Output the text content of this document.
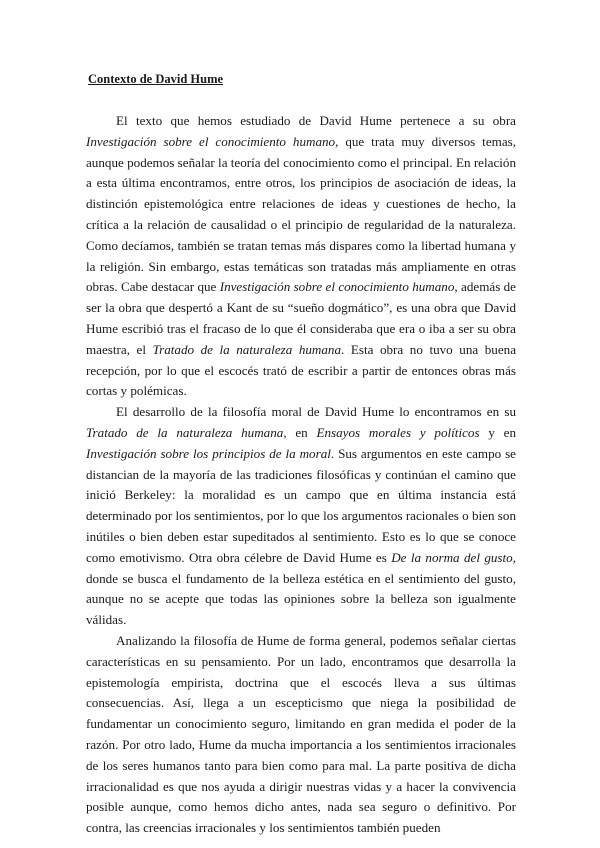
Contexto de David Hume

El texto que hemos estudiado de David Hume pertenece a su obra Investigación sobre el conocimiento humano, que trata muy diversos temas, aunque podemos señalar la teoría del conocimiento como el principal. En relación a esta última encontramos, entre otros, los principios de asociación de ideas, la distinción epistemológica entre relaciones de ideas y cuestiones de hecho, la crítica a la relación de causalidad o el principio de regularidad de la naturaleza. Como decíamos, también se tratan temas más dispares como la libertad humana y la religión. Sin embargo, estas temáticas son tratadas más ampliamente en otras obras. Cabe destacar que Investigación sobre el conocimiento humano, además de ser la obra que despertó a Kant de su “sueño dogmático”, es una obra que David Hume escribió tras el fracaso de lo que él consideraba que era o iba a ser su obra maestra, el Tratado de la naturaleza humana. Esta obra no tuvo una buena recepción, por lo que el escocés trató de escribir a partir de entonces obras más cortas y polémicas.

El desarrollo de la filosofía moral de David Hume lo encontramos en su Tratado de la naturaleza humana, en Ensayos morales y políticos y en Investigación sobre los principios de la moral. Sus argumentos en este campo se distancian de la mayoría de las tradiciones filosóficas y continúan el camino que inició Berkeley: la moralidad es un campo que en última instancia está determinado por los sentimientos, por lo que los argumentos racionales o bien son inútiles o bien deben estar supeditados al sentimiento. Esto es lo que se conoce como emotivismo. Otra obra célebre de David Hume es De la norma del gusto, donde se busca el fundamento de la belleza estética en el sentimiento del gusto, aunque no se acepte que todas las opiniones sobre la belleza son igualmente válidas.

Analizando la filosofía de Hume de forma general, podemos señalar ciertas características en su pensamiento. Por un lado, encontramos que desarrolla la epistemología empirista, doctrina que el escocés lleva a sus últimas consecuencias. Así, llega a un escepticismo que niega la posibilidad de fundamentar un conocimiento seguro, limitando en gran medida el poder de la razón. Por otro lado, Hume da mucha importancia a los sentimientos irracionales de los seres humanos tanto para bien como para mal. La parte positiva de dicha irracionalidad es que nos ayuda a dirigir nuestras vidas y a hacer la convivencia posible aunque, como hemos dicho antes, nada sea seguro o definitivo. Por contra, las creencias irracionales y los sentimientos también pueden
